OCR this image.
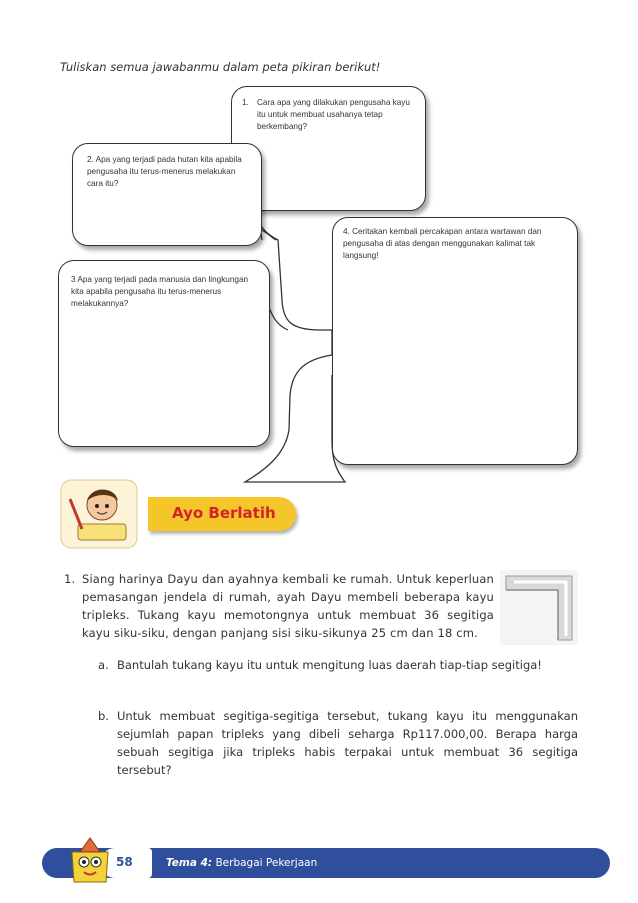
Tuliskan semua jawabanmu dalam peta pikiran berikut!
1. Cara apa yang dilakukan pengusaha kayu itu untuk membuat usahanya tetap berkembang?
2. Apa yang terjadi pada hutan kita apabila pengusaha itu terus-menerus melakukan cara itu?
3 Apa yang terjadi pada manusia dan lingkungan kita apabila pengusaha itu terus-menerus melakukannya?
4. Ceritakan kembali percakapan antara wartawan dan pengusaha di atas dengan menggunakan kalimat tak langsung!
Ayo Berlatih
1. Siang harinya Dayu dan ayahnya kembali ke rumah. Untuk keperluan pemasangan jendela di rumah, ayah Dayu membeli beberapa kayu tripleks. Tukang kayu memotongnya untuk membuat 36 segitiga kayu siku-siku, dengan panjang sisi siku-sikunya 25 cm dan 18 cm.
a. Bantulah tukang kayu itu untuk mengitung luas daerah tiap-tiap segitiga!
b. Untuk membuat segitiga-segitiga tersebut, tukang kayu itu menggunakan sejumlah papan tripleks yang dibeli seharga Rp117.000,00. Berapa harga sebuah segitiga jika tripleks habis terpakai untuk membuat 36 segitiga tersebut?
58	Tema 4: Berbagai Pekerjaan
